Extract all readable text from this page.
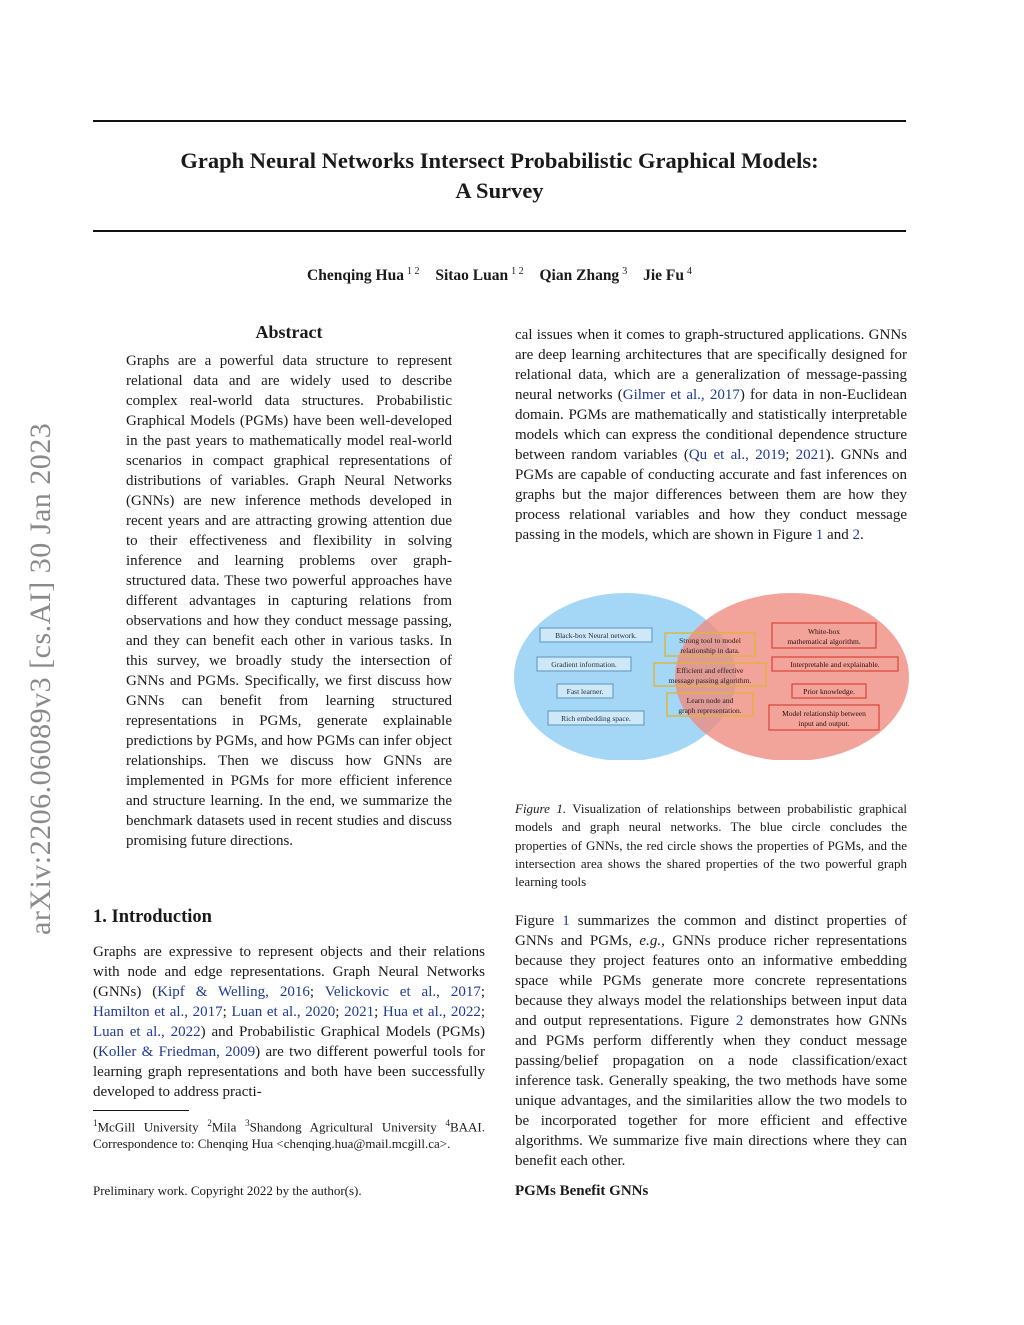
Graph Neural Networks Intersect Probabilistic Graphical Models:
A Survey
Chenqing Hua $^{1 2}$ Sitao Luan $^{1 2}$ Qian Zhang $^3$ Jie Fu $^4$
arXiv:2206.06089v3 [cs.AI] 30 Jan 2023
Abstract
Graphs are a powerful data structure to represent relational data and are widely used to describe complex real-world data structures. Probabilistic Graphical Models (PGMs) have been well-developed in the past years to mathematically model real-world scenarios in compact graphical representations of distributions of variables. Graph Neural Networks (GNNs) are new inference methods developed in recent years and are attracting growing attention due to their effectiveness and flexibility in solving inference and learning problems over graph-structured data. These two powerful approaches have different advantages in capturing relations from observations and how they conduct message passing, and they can benefit each other in various tasks. In this survey, we broadly study the intersection of GNNs and PGMs. Specifically, we first discuss how GNNs can benefit from learning structured representations in PGMs, generate explainable predictions by PGMs, and how PGMs can infer object relationships. Then we discuss how GNNs are implemented in PGMs for more efficient inference and structure learning. In the end, we summarize the benchmark datasets used in recent studies and discuss promising future directions.
1. Introduction
Graphs are expressive to represent objects and their relations with node and edge representations. Graph Neural Networks (GNNs) (Kipf & Welling, 2016; Velickovic et al., 2017; Hamilton et al., 2017; Luan et al., 2020; 2021; Hua et al., 2022; Luan et al., 2022) and Probabilistic Graphical Models (PGMs) (Koller & Friedman, 2009) are two different powerful tools for learning graph representations and both have been successfully developed to address practi-
$^1$McGill University $^2$Mila $^3$Shandong Agricultural University $^4$BAAI. Correspondence to: Chenqing Hua <chenqing.hua@mail.mcgill.ca>.
Preliminary work. Copyright 2022 by the author(s).
cal issues when it comes to graph-structured applications. GNNs are deep learning architectures that are specifically designed for relational data, which are a generalization of message-passing neural networks (Gilmer et al., 2017) for data in non-Euclidean domain. PGMs are mathematically and statistically interpretable models which can express the conditional dependence structure between random variables (Qu et al., 2019; 2021). GNNs and PGMs are capable of conducting accurate and fast inferences on graphs but the major differences between them are how they process relational variables and how they conduct message passing in the models, which are shown in Figure 1 and 2.
Black-box Neural network.
Gradient information.
Fast learner.
Rich embedding space.
Strong tool to model
relationship in data.
Efficient and effective
message passing algorithm.
Learn node and
graph representation.
White-box
mathematical algorithm.
Interpretable and explainable.
Prior knowledge.
Model relationship between
input and output.
Figure 1. Visualization of relationships between probabilistic graphical models and graph neural networks. The blue circle concludes the properties of GNNs, the red circle shows the properties of PGMs, and the intersection area shows the shared properties of the two powerful graph learning tools
Figure 1 summarizes the common and distinct properties of GNNs and PGMs, e.g., GNNs produce richer representations because they project features onto an informative embedding space while PGMs generate more concrete representations because they always model the relationships between input data and output representations. Figure 2 demonstrates how GNNs and PGMs perform differently when they conduct message passing/belief propagation on a node classification/exact inference task. Generally speaking, the two methods have some unique advantages, and the similarities allow the two models to be incorporated together for more efficient and effective algorithms. We summarize five main directions where they can benefit each other.
PGMs Benefit GNNs
